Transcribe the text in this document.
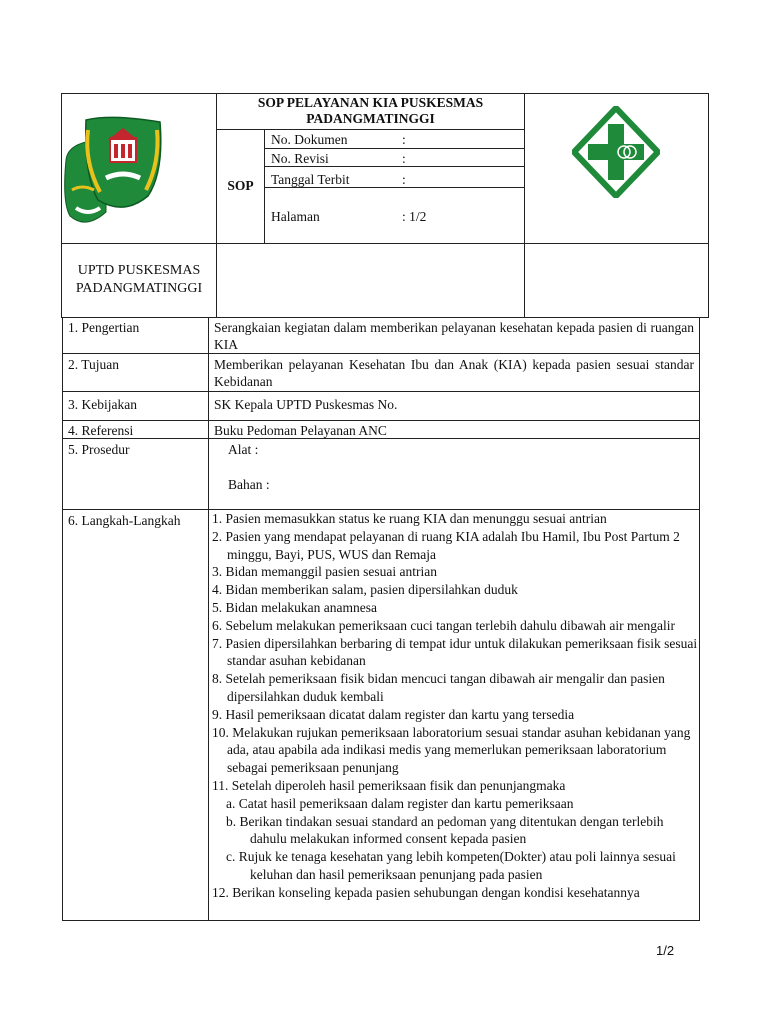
SOP PELAYANAN KIA PUSKESMAS PADANGMATINGGI
SOP
No. Dokumen	:
No. Revisi	:
Tanggal Terbit	:
Halaman	: 1/2
UPTD PUSKESMAS PADANGMATINGGI
1. Pengertian	Serangkaian kegiatan dalam memberikan pelayanan kesehatan kepada pasien di ruangan KIA
2. Tujuan	Memberikan pelayanan Kesehatan Ibu dan Anak (KIA) kepada pasien sesuai standar Kebidanan
3. Kebijakan	SK Kepala UPTD Puskesmas No.
4. Referensi	Buku Pedoman Pelayanan ANC
5. Prosedur	Alat :
Bahan :
6. Langkah-Langkah 1. Pasien memasukkan status ke ruang KIA dan menunggu sesuai antrian
2. Pasien yang mendapat pelayanan di ruang KIA adalah Ibu Hamil, Ibu Post Partum 2 minggu, Bayi, PUS, WUS dan Remaja
3. Bidan memanggil pasien sesuai antrian
4. Bidan memberikan salam, pasien dipersilahkan duduk
5. Bidan melakukan anamnesa
6. Sebelum melakukan pemeriksaan cuci tangan terlebih dahulu dibawah air mengalir
7. Pasien dipersilahkan berbaring di tempat idur untuk dilakukan pemeriksaan fisik sesuai standar asuhan kebidanan
8. Setelah pemeriksaan fisik bidan mencuci tangan dibawah air mengalir dan pasien dipersilahkan duduk kembali
9. Hasil pemeriksaan dicatat dalam register dan kartu yang tersedia
10. Melakukan rujukan pemeriksaan laboratorium sesuai standar asuhan kebidanan yang ada, atau apabila ada indikasi medis yang memerlukan pemeriksaan laboratorium sebagai pemeriksaan penunjang
11. Setelah diperoleh hasil pemeriksaan fisik dan penunjangmaka
a. Catat hasil pemeriksaan dalam register dan kartu pemeriksaan
b. Berikan tindakan sesuai standard an pedoman yang ditentukan dengan terlebih dahulu melakukan informed consent kepada pasien
c. Rujuk ke tenaga kesehatan yang lebih kompeten(Dokter) atau poli lainnya sesuai keluhan dan hasil pemeriksaan penunjang pada pasien
12. Berikan konseling kepada pasien sehubungan dengan kondisi kesehatannya
1/2
